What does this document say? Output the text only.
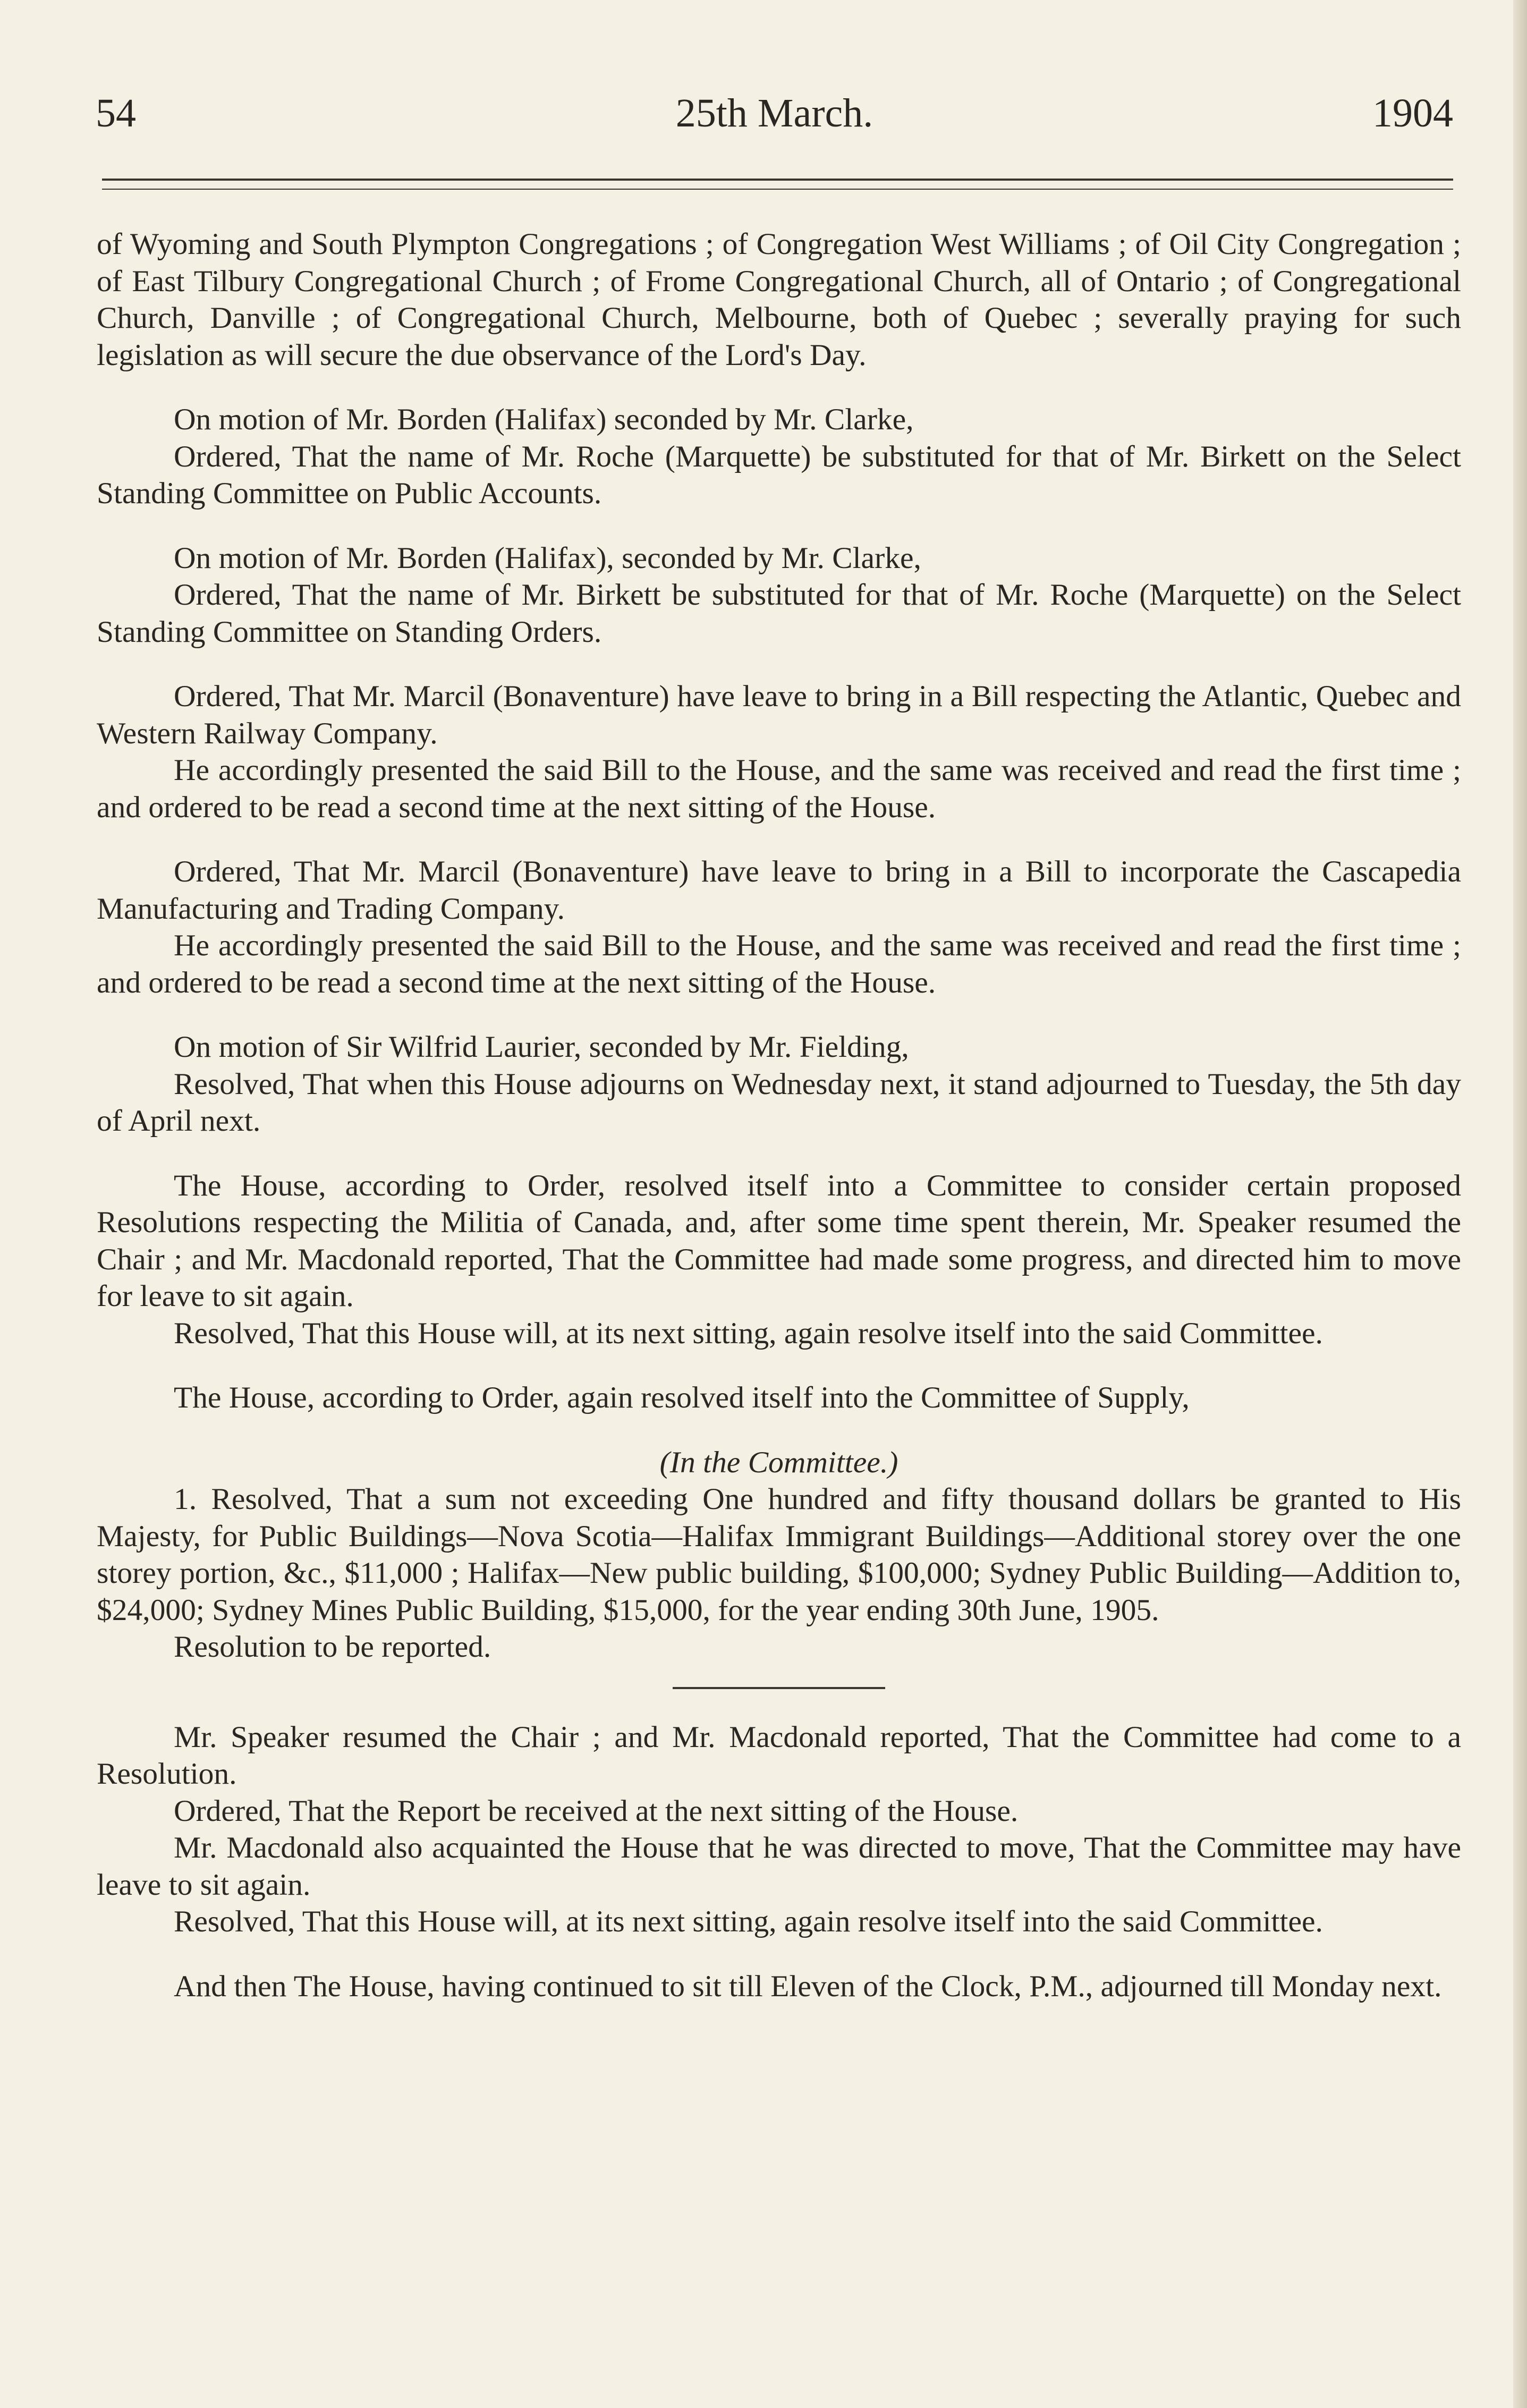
54	25th March.	1904

of Wyoming and South Plympton Congregations ; of Congregation West Williams ; of Oil City Congregation ; of East Tilbury Congregational Church ; of Frome Congregational Church, all of Ontario ; of Congregational Church, Danville ; of Congregational Church, Melbourne, both of Quebec ; severally praying for such legislation as will secure the due observance of the Lord's Day.

On motion of Mr. Borden (Halifax) seconded by Mr. Clarke,

Ordered, That the name of Mr. Roche (Marquette) be substituted for that of Mr. Birkett on the Select Standing Committee on Public Accounts.

On motion of Mr. Borden (Halifax), seconded by Mr. Clarke,

Ordered, That the name of Mr. Birkett be substituted for that of Mr. Roche (Marquette) on the Select Standing Committee on Standing Orders.

Ordered, That Mr. Marcil (Bonaventure) have leave to bring in a Bill respecting the Atlantic, Quebec and Western Railway Company.

He accordingly presented the said Bill to the House, and the same was received and read the first time ; and ordered to be read a second time at the next sitting of the House.

Ordered, That Mr. Marcil (Bonaventure) have leave to bring in a Bill to incorporate the Cascapedia Manufacturing and Trading Company.

He accordingly presented the said Bill to the House, and the same was received and read the first time ; and ordered to be read a second time at the next sitting of the House.

On motion of Sir Wilfrid Laurier, seconded by Mr. Fielding,

Resolved, That when this House adjourns on Wednesday next, it stand adjourned to Tuesday, the 5th day of April next.

The House, according to Order, resolved itself into a Committee to consider certain proposed Resolutions respecting the Militia of Canada, and, after some time spent therein, Mr. Speaker resumed the Chair ; and Mr. Macdonald reported, That the Committee had made some progress, and directed him to move for leave to sit again.

Resolved, That this House will, at its next sitting, again resolve itself into the said Committee.

The House, according to Order, again resolved itself into the Committee of Supply,

(In the Committee.)

1. Resolved, That a sum not exceeding One hundred and fifty thousand dollars be granted to His Majesty, for Public Buildings—Nova Scotia—Halifax Immigrant Buildings—Additional storey over the one storey portion, &c., $11,000 ; Halifax—New public building, $100,000; Sydney Public Building—Addition to, $24,000; Sydney Mines Public Building, $15,000, for the year ending 30th June, 1905.

Resolution to be reported.

Mr. Speaker resumed the Chair ; and Mr. Macdonald reported, That the Committee had come to a Resolution.

Ordered, That the Report be received at the next sitting of the House.

Mr. Macdonald also acquainted the House that he was directed to move, That the Committee may have leave to sit again.

Resolved, That this House will, at its next sitting, again resolve itself into the said Committee.

And then The House, having continued to sit till Eleven of the Clock, P.M., adjourned till Monday next.
